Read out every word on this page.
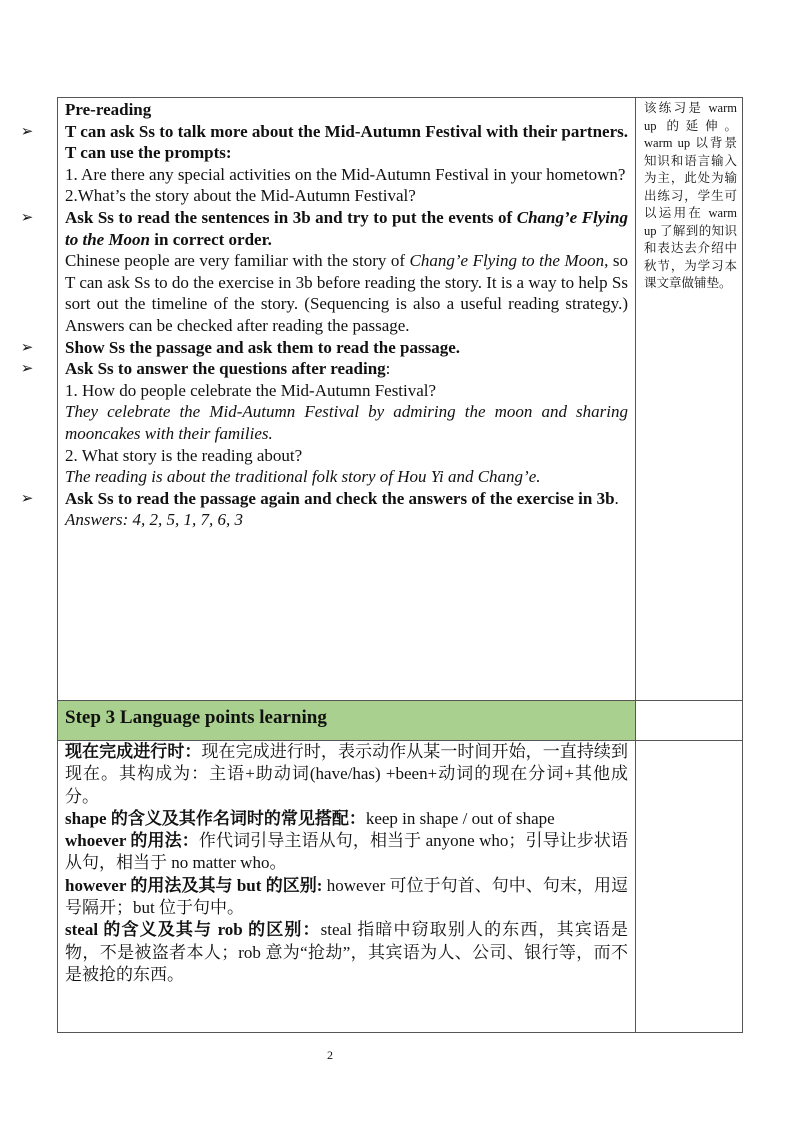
Pre-reading

➢ T can ask Ss to talk more about the Mid-Autumn Festival with their partners. T can use the prompts:

1. Are there any special activities on the Mid-Autumn Festival in your hometown?

2.What’s the story about the Mid-Autumn Festival?

➢ Ask Ss to read the sentences in 3b and try to put the events of Chang’e Flying to the Moon in correct order.

Chinese people are very familiar with the story of Chang’e Flying to the Moon, so T can ask Ss to do the exercise in 3b before reading the story. It is a way to help Ss sort out the timeline of the story. (Sequencing is also a useful reading strategy.) Answers can be checked after reading the passage.

➢ Show Ss the passage and ask them to read the passage.

➢ Ask Ss to answer the questions after reading:

1. How do people celebrate the Mid-Autumn Festival?

They celebrate the Mid-Autumn Festival by admiring the moon and sharing mooncakes with their families.

2. What story is the reading about?

The reading is about the traditional folk story of Hou Yi and Chang’e.

➢ Ask Ss to read the passage again and check the answers of the exercise in 3b.

Answers: 4, 2, 5, 1, 7, 6, 3

该练习是 warm up 的延伸。warm up 以背景知识和语言输入为主，此处为输出练习，学生可以运用在 warm up 了解到的知识和表达去介绍中秋节，为学习本课文章做铺垫。
Step 3 Language points learning

现在完成进行时：现在完成进行时，表示动作从某一时间开始，一直持续到现在。其构成为：主语+助动词(have/has) +been+动词的现在分词+其他成分。

shape 的含义及其作名词时的常见搭配：keep in shape / out of shape

whoever 的用法：作代词引导主语从句，相当于 anyone who；引导让步状语从句，相当于 no matter who。

however 的用法及其与 but 的区别: however 可位于句首、句中、句末，用逗号隔开；but 位于句中。

steal 的含义及其与 rob 的区别：steal 指暗中窃取别人的东西，其宾语是物，不是被盗者本人；rob 意为“抢劫”，其宾语为人、公司、银行等，而不是被抢的东西。

2
